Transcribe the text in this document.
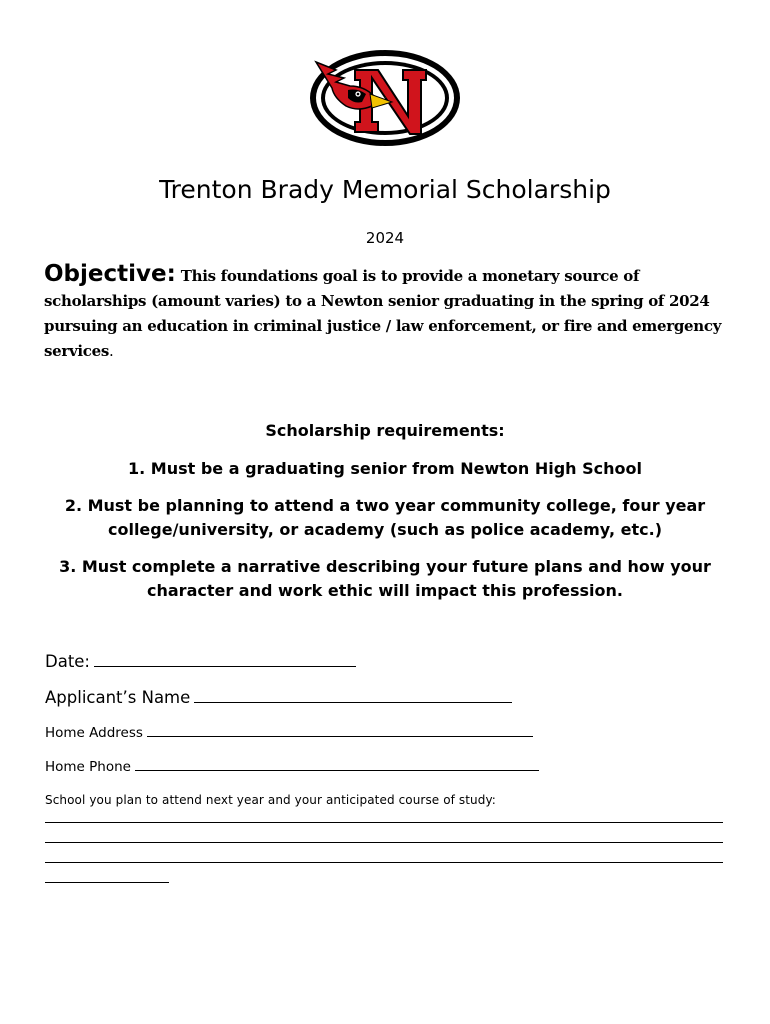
N
Trenton Brady Memorial Scholarship
2024
Objective: This foundations goal is to provide a monetary source of scholarships (amount varies) to a Newton senior graduating in the spring of 2024 pursuing an education in criminal justice / law enforcement, or fire and emergency services.
Scholarship requirements:
1. Must be a graduating senior from Newton High School
2. Must be planning to attend a two year community college, four year college/university, or academy (such as police academy, etc.)
3. Must complete a narrative describing your future plans and how your character and work ethic will impact this profession.
Date:
Applicant’s Name
Home Address
Home Phone
School you plan to attend next year and your anticipated course of study:
